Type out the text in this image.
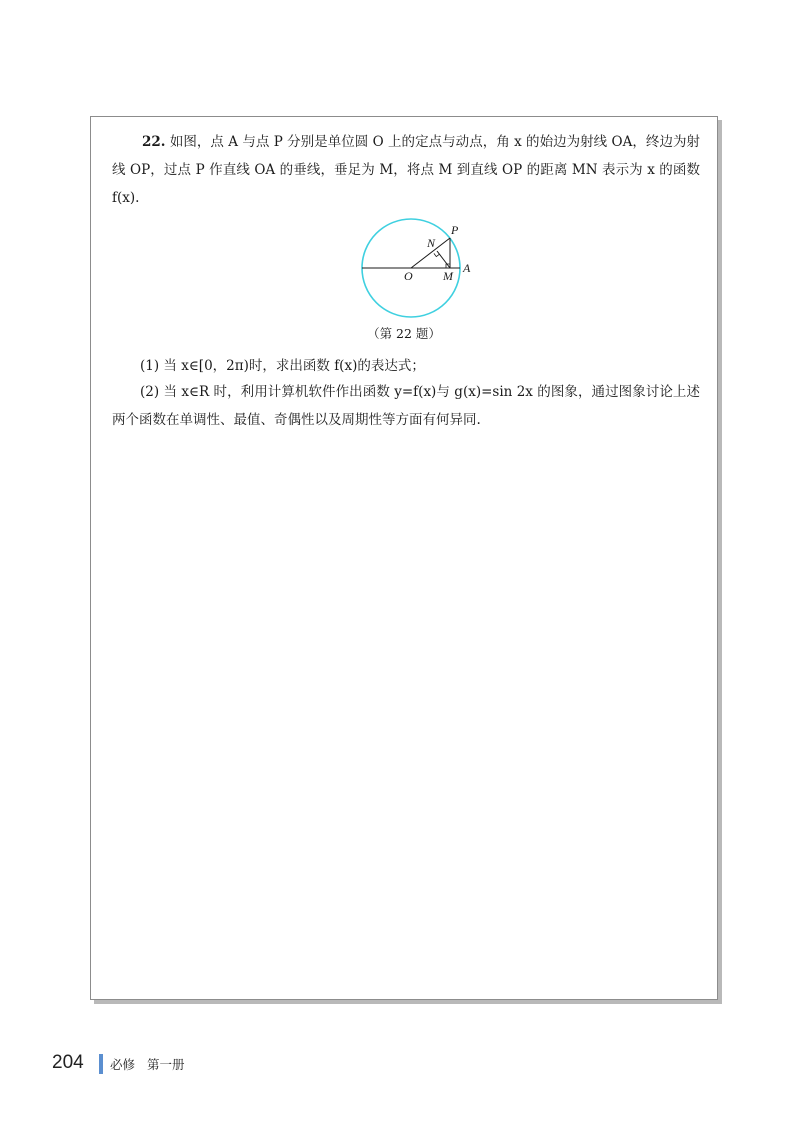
22. 如图，点 A 与点 P 分别是单位圆 O 上的定点与动点，角 x 的始边为射线 OA，终边为射线 OP，过点 P 作直线 OA 的垂线，垂足为 M，将点 M 到直线 OP 的距离 MN 表示为 x 的函数 f(x).

P
N
O	M
A
（第 22 题）

(1) 当 x∈[0，2π)时，求出函数 f(x)的表达式；

(2) 当 x∈R 时，利用计算机软件作出函数 y=f(x)与 g(x)=sin 2x 的图象，通过图象讨论上述两个函数在单调性、最值、奇偶性以及周期性等方面有何异同.

204 必修 第一册
